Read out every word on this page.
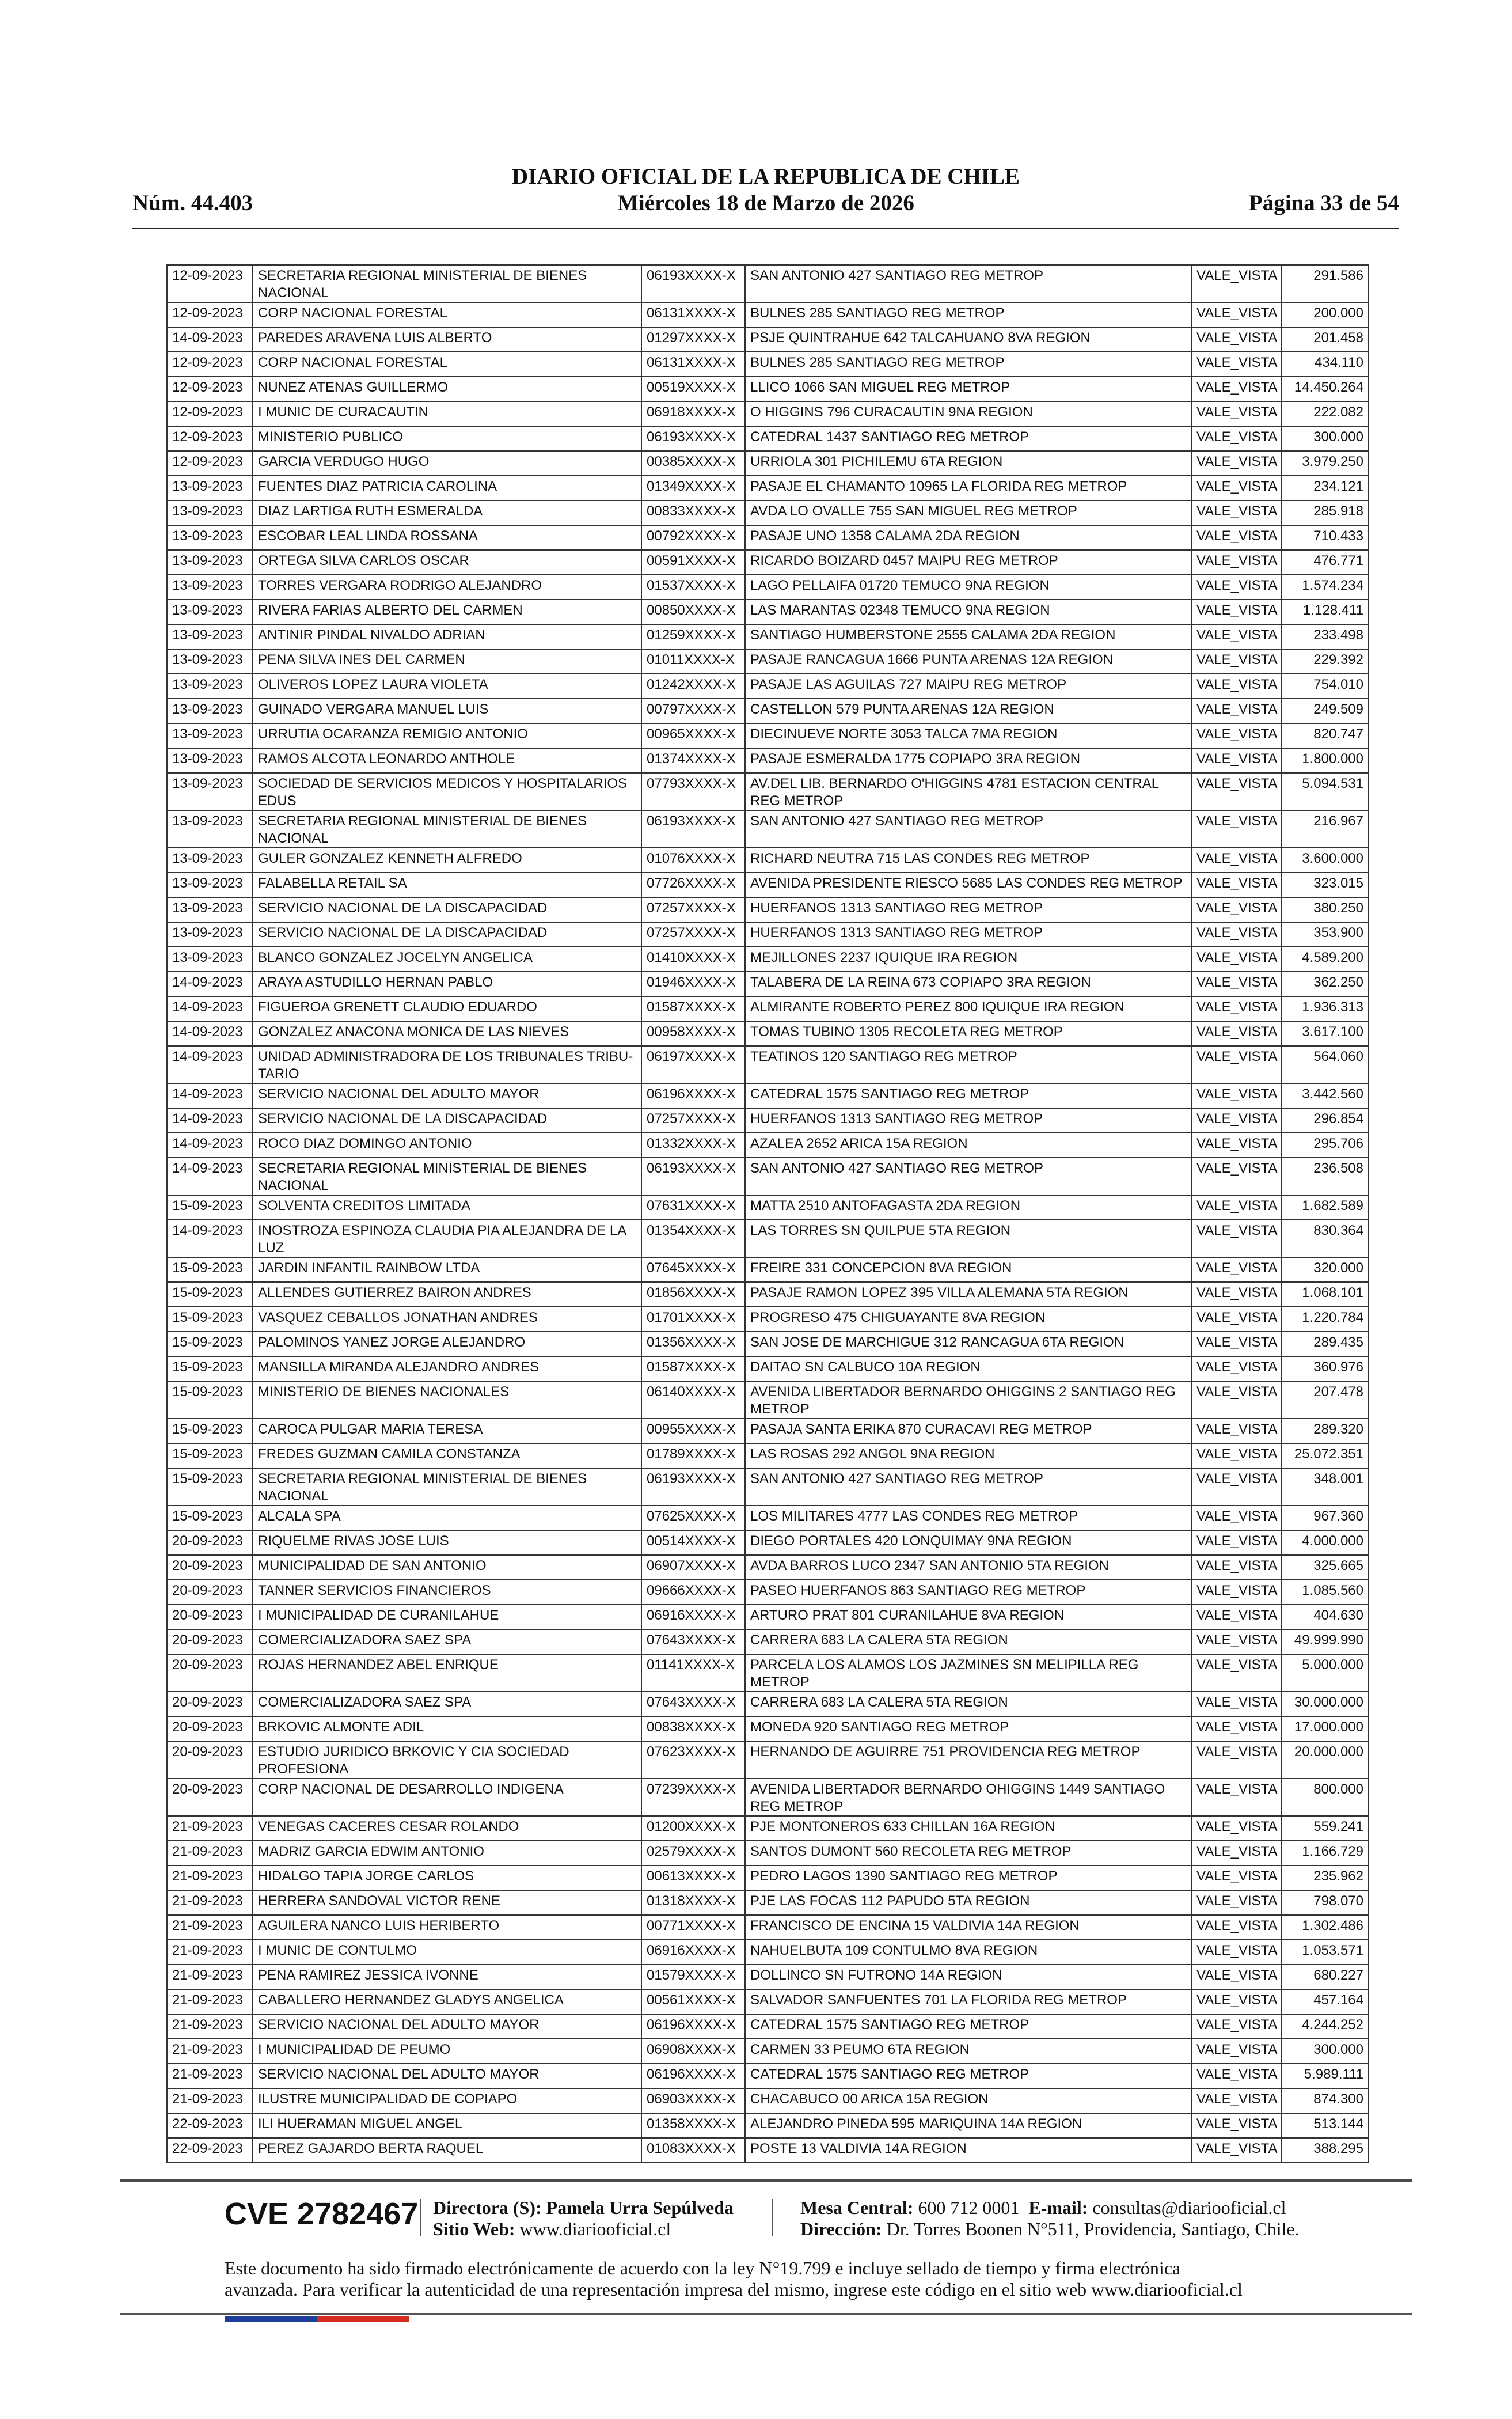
DIARIO OFICIAL DE LA REPUBLICA DE CHILE
Núm. 44.403	Miércoles 18 de Marzo de 2026	Página 33 de 54
12-09-2023	SECRETARIA REGIONAL MINISTERIAL DE BIENES NACIONAL	06193XXXX-X	SAN ANTONIO 427 SANTIAGO REG METROP	VALE_VISTA	291.586
12-09-2023	CORP NACIONAL FORESTAL	06131XXXX-X	BULNES 285 SANTIAGO REG METROP	VALE_VISTA	200.000
14-09-2023	PAREDES ARAVENA LUIS ALBERTO	01297XXXX-X	PSJE QUINTRAHUE 642 TALCAHUANO 8VA REGION	VALE_VISTA	201.458
12-09-2023	CORP NACIONAL FORESTAL	06131XXXX-X	BULNES 285 SANTIAGO REG METROP	VALE_VISTA	434.110
12-09-2023	NUNEZ ATENAS GUILLERMO	00519XXXX-X	LLICO 1066 SAN MIGUEL REG METROP	VALE_VISTA	14.450.264
12-09-2023	I MUNIC DE CURACAUTIN	06918XXXX-X	O HIGGINS 796 CURACAUTIN 9NA REGION	VALE_VISTA	222.082
12-09-2023	MINISTERIO PUBLICO	06193XXXX-X	CATEDRAL 1437 SANTIAGO REG METROP	VALE_VISTA	300.000
12-09-2023	GARCIA VERDUGO HUGO	00385XXXX-X	URRIOLA 301 PICHILEMU 6TA REGION	VALE_VISTA	3.979.250
13-09-2023	FUENTES DIAZ PATRICIA CAROLINA	01349XXXX-X	PASAJE EL CHAMANTO 10965 LA FLORIDA REG METROP	VALE_VISTA	234.121
13-09-2023	DIAZ LARTIGA RUTH ESMERALDA	00833XXXX-X	AVDA LO OVALLE 755 SAN MIGUEL REG METROP	VALE_VISTA	285.918
13-09-2023	ESCOBAR LEAL LINDA ROSSANA	00792XXXX-X	PASAJE UNO 1358 CALAMA 2DA REGION	VALE_VISTA	710.433
13-09-2023	ORTEGA SILVA CARLOS OSCAR	00591XXXX-X	RICARDO BOIZARD 0457 MAIPU REG METROP	VALE_VISTA	476.771
13-09-2023	TORRES VERGARA RODRIGO ALEJANDRO	01537XXXX-X	LAGO PELLAIFA 01720 TEMUCO 9NA REGION	VALE_VISTA	1.574.234
13-09-2023	RIVERA FARIAS ALBERTO DEL CARMEN	00850XXXX-X	LAS MARANTAS 02348 TEMUCO 9NA REGION	VALE_VISTA	1.128.411
13-09-2023	ANTINIR PINDAL NIVALDO ADRIAN	01259XXXX-X	SANTIAGO HUMBERSTONE 2555 CALAMA 2DA REGION	VALE_VISTA	233.498
13-09-2023	PENA SILVA INES DEL CARMEN	01011XXXX-X	PASAJE RANCAGUA 1666 PUNTA ARENAS 12A REGION	VALE_VISTA	229.392
13-09-2023	OLIVEROS LOPEZ LAURA VIOLETA	01242XXXX-X	PASAJE LAS AGUILAS 727 MAIPU REG METROP	VALE_VISTA	754.010
13-09-2023	GUINADO VERGARA MANUEL LUIS	00797XXXX-X	CASTELLON 579 PUNTA ARENAS 12A REGION	VALE_VISTA	249.509
13-09-2023	URRUTIA OCARANZA REMIGIO ANTONIO	00965XXXX-X	DIECINUEVE NORTE 3053 TALCA 7MA REGION	VALE_VISTA	820.747
13-09-2023	RAMOS ALCOTA LEONARDO ANTHOLE	01374XXXX-X	PASAJE ESMERALDA 1775 COPIAPO 3RA REGION	VALE_VISTA	1.800.000
13-09-2023	SOCIEDAD DE SERVICIOS MEDICOS Y HOSPITALARIOS EDUS	07793XXXX-X	AV.DEL LIB. BERNARDO O'HIGGINS 4781 ESTACION CENTRAL REG METROP	VALE_VISTA	5.094.531
13-09-2023	SECRETARIA REGIONAL MINISTERIAL DE BIENES NACIONAL	06193XXXX-X	SAN ANTONIO 427 SANTIAGO REG METROP	VALE_VISTA	216.967
13-09-2023	GULER GONZALEZ KENNETH ALFREDO	01076XXXX-X	RICHARD NEUTRA 715 LAS CONDES REG METROP	VALE_VISTA	3.600.000
13-09-2023	FALABELLA RETAIL SA	07726XXXX-X	AVENIDA PRESIDENTE RIESCO 5685 LAS CONDES REG METROP	VALE_VISTA	323.015
13-09-2023	SERVICIO NACIONAL DE LA DISCAPACIDAD	07257XXXX-X	HUERFANOS 1313 SANTIAGO REG METROP	VALE_VISTA	380.250
13-09-2023	SERVICIO NACIONAL DE LA DISCAPACIDAD	07257XXXX-X	HUERFANOS 1313 SANTIAGO REG METROP	VALE_VISTA	353.900
13-09-2023	BLANCO GONZALEZ JOCELYN ANGELICA	01410XXXX-X	MEJILLONES 2237 IQUIQUE IRA REGION	VALE_VISTA	4.589.200
14-09-2023	ARAYA ASTUDILLO HERNAN PABLO	01946XXXX-X	TALABERA DE LA REINA 673 COPIAPO 3RA REGION	VALE_VISTA	362.250
14-09-2023	FIGUEROA GRENETT CLAUDIO EDUARDO	01587XXXX-X	ALMIRANTE ROBERTO PEREZ 800 IQUIQUE IRA REGION	VALE_VISTA	1.936.313
14-09-2023	GONZALEZ ANACONA MONICA DE LAS NIEVES	00958XXXX-X	TOMAS TUBINO 1305 RECOLETA REG METROP	VALE_VISTA	3.617.100
14-09-2023	UNIDAD ADMINISTRADORA DE LOS TRIBUNALES TRIBU- TARIO	06197XXXX-X	TEATINOS 120 SANTIAGO REG METROP	VALE_VISTA	564.060
14-09-2023	SERVICIO NACIONAL DEL ADULTO MAYOR	06196XXXX-X	CATEDRAL 1575 SANTIAGO REG METROP	VALE_VISTA	3.442.560
14-09-2023	SERVICIO NACIONAL DE LA DISCAPACIDAD	07257XXXX-X	HUERFANOS 1313 SANTIAGO REG METROP	VALE_VISTA	296.854
14-09-2023	ROCO DIAZ DOMINGO ANTONIO	01332XXXX-X	AZALEA 2652 ARICA 15A REGION	VALE_VISTA	295.706
14-09-2023	SECRETARIA REGIONAL MINISTERIAL DE BIENES NACIONAL	06193XXXX-X	SAN ANTONIO 427 SANTIAGO REG METROP	VALE_VISTA	236.508
15-09-2023	SOLVENTA CREDITOS LIMITADA	07631XXXX-X	MATTA 2510 ANTOFAGASTA 2DA REGION	VALE_VISTA	1.682.589
14-09-2023	INOSTROZA ESPINOZA CLAUDIA PIA ALEJANDRA DE LA LUZ	01354XXXX-X	LAS TORRES SN QUILPUE 5TA REGION	VALE_VISTA	830.364
15-09-2023	JARDIN INFANTIL RAINBOW LTDA	07645XXXX-X	FREIRE 331 CONCEPCION 8VA REGION	VALE_VISTA	320.000
15-09-2023	ALLENDES GUTIERREZ BAIRON ANDRES	01856XXXX-X	PASAJE RAMON LOPEZ 395 VILLA ALEMANA 5TA REGION	VALE_VISTA	1.068.101
15-09-2023	VASQUEZ CEBALLOS JONATHAN ANDRES	01701XXXX-X	PROGRESO 475 CHIGUAYANTE 8VA REGION	VALE_VISTA	1.220.784
15-09-2023	PALOMINOS YANEZ JORGE ALEJANDRO	01356XXXX-X	SAN JOSE DE MARCHIGUE 312 RANCAGUA 6TA REGION	VALE_VISTA	289.435
15-09-2023	MANSILLA MIRANDA ALEJANDRO ANDRES	01587XXXX-X	DAITAO SN CALBUCO 10A REGION	VALE_VISTA	360.976
15-09-2023	MINISTERIO DE BIENES NACIONALES	06140XXXX-X	AVENIDA LIBERTADOR BERNARDO OHIGGINS 2 SANTIAGO REG METROP	VALE_VISTA	207.478
15-09-2023	CAROCA PULGAR MARIA TERESA	00955XXXX-X	PASAJA SANTA ERIKA 870 CURACAVI REG METROP	VALE_VISTA	289.320
15-09-2023	FREDES GUZMAN CAMILA CONSTANZA	01789XXXX-X	LAS ROSAS 292 ANGOL 9NA REGION	VALE_VISTA	25.072.351
15-09-2023	SECRETARIA REGIONAL MINISTERIAL DE BIENES NACIONAL	06193XXXX-X	SAN ANTONIO 427 SANTIAGO REG METROP	VALE_VISTA	348.001
15-09-2023	ALCALA SPA	07625XXXX-X	LOS MILITARES 4777 LAS CONDES REG METROP	VALE_VISTA	967.360
20-09-2023	RIQUELME RIVAS JOSE LUIS	00514XXXX-X	DIEGO PORTALES 420 LONQUIMAY 9NA REGION	VALE_VISTA	4.000.000
20-09-2023	MUNICIPALIDAD DE SAN ANTONIO	06907XXXX-X	AVDA BARROS LUCO 2347 SAN ANTONIO 5TA REGION	VALE_VISTA	325.665
20-09-2023	TANNER SERVICIOS FINANCIEROS	09666XXXX-X	PASEO HUERFANOS 863 SANTIAGO REG METROP	VALE_VISTA	1.085.560
20-09-2023	I MUNICIPALIDAD DE CURANILAHUE	06916XXXX-X	ARTURO PRAT 801 CURANILAHUE 8VA REGION	VALE_VISTA	404.630
20-09-2023	COMERCIALIZADORA SAEZ SPA	07643XXXX-X	CARRERA 683 LA CALERA 5TA REGION	VALE_VISTA	49.999.990
20-09-2023	ROJAS HERNANDEZ ABEL ENRIQUE	01141XXXX-X	PARCELA LOS ALAMOS LOS JAZMINES SN MELIPILLA REG METROP	VALE_VISTA	5.000.000
20-09-2023	COMERCIALIZADORA SAEZ SPA	07643XXXX-X	CARRERA 683 LA CALERA 5TA REGION	VALE_VISTA	30.000.000
20-09-2023	BRKOVIC ALMONTE ADIL	00838XXXX-X	MONEDA 920 SANTIAGO REG METROP	VALE_VISTA	17.000.000
20-09-2023	ESTUDIO JURIDICO BRKOVIC Y CIA SOCIEDAD PROFESIONA	07623XXXX-X	HERNANDO DE AGUIRRE 751 PROVIDENCIA REG METROP	VALE_VISTA	20.000.000
20-09-2023	CORP NACIONAL DE DESARROLLO INDIGENA	07239XXXX-X	AVENIDA LIBERTADOR BERNARDO OHIGGINS 1449 SANTIAGO REG METROP	VALE_VISTA	800.000
21-09-2023	VENEGAS CACERES CESAR ROLANDO	01200XXXX-X	PJE MONTONEROS 633 CHILLAN 16A REGION	VALE_VISTA	559.241
21-09-2023	MADRIZ GARCIA EDWIM ANTONIO	02579XXXX-X	SANTOS DUMONT 560 RECOLETA REG METROP	VALE_VISTA	1.166.729
21-09-2023	HIDALGO TAPIA JORGE CARLOS	00613XXXX-X	PEDRO LAGOS 1390 SANTIAGO REG METROP	VALE_VISTA	235.962
21-09-2023	HERRERA SANDOVAL VICTOR RENE	01318XXXX-X	PJE LAS FOCAS 112 PAPUDO 5TA REGION	VALE_VISTA	798.070
21-09-2023	AGUILERA NANCO LUIS HERIBERTO	00771XXXX-X	FRANCISCO DE ENCINA 15 VALDIVIA 14A REGION	VALE_VISTA	1.302.486
21-09-2023	I MUNIC DE CONTULMO	06916XXXX-X	NAHUELBUTA 109 CONTULMO 8VA REGION	VALE_VISTA	1.053.571
21-09-2023	PENA RAMIREZ JESSICA IVONNE	01579XXXX-X	DOLLINCO SN FUTRONO 14A REGION	VALE_VISTA	680.227
21-09-2023	CABALLERO HERNANDEZ GLADYS ANGELICA	00561XXXX-X	SALVADOR SANFUENTES 701 LA FLORIDA REG METROP	VALE_VISTA	457.164
21-09-2023	SERVICIO NACIONAL DEL ADULTO MAYOR	06196XXXX-X	CATEDRAL 1575 SANTIAGO REG METROP	VALE_VISTA	4.244.252
21-09-2023	I MUNICIPALIDAD DE PEUMO	06908XXXX-X	CARMEN 33 PEUMO 6TA REGION	VALE_VISTA	300.000
21-09-2023	SERVICIO NACIONAL DEL ADULTO MAYOR	06196XXXX-X	CATEDRAL 1575 SANTIAGO REG METROP	VALE_VISTA	5.989.111
21-09-2023	ILUSTRE MUNICIPALIDAD DE COPIAPO	06903XXXX-X	CHACABUCO 00 ARICA 15A REGION	VALE_VISTA	874.300
22-09-2023	ILI HUERAMAN MIGUEL ANGEL	01358XXXX-X	ALEJANDRO PINEDA 595 MARIQUINA 14A REGION	VALE_VISTA	513.144
22-09-2023	PEREZ GAJARDO BERTA RAQUEL	01083XXXX-X	POSTE 13 VALDIVIA 14A REGION	VALE_VISTA	388.295
CVE 2782467 Directora (S): Pamela Urra Sepúlveda
Sitio Web: www.diariooficial.cl
Mesa Central: 600 712 0001 E-mail: consultas@diariooficial.cl
Dirección: Dr. Torres Boonen N°511, Providencia, Santiago, Chile.
Este documento ha sido firmado electrónicamente de acuerdo con la ley N°19.799 e incluye sellado de tiempo y firma electrónica
avanzada. Para verificar la autenticidad de una representación impresa del mismo, ingrese este código en el sitio web www.diariooficial.cl
